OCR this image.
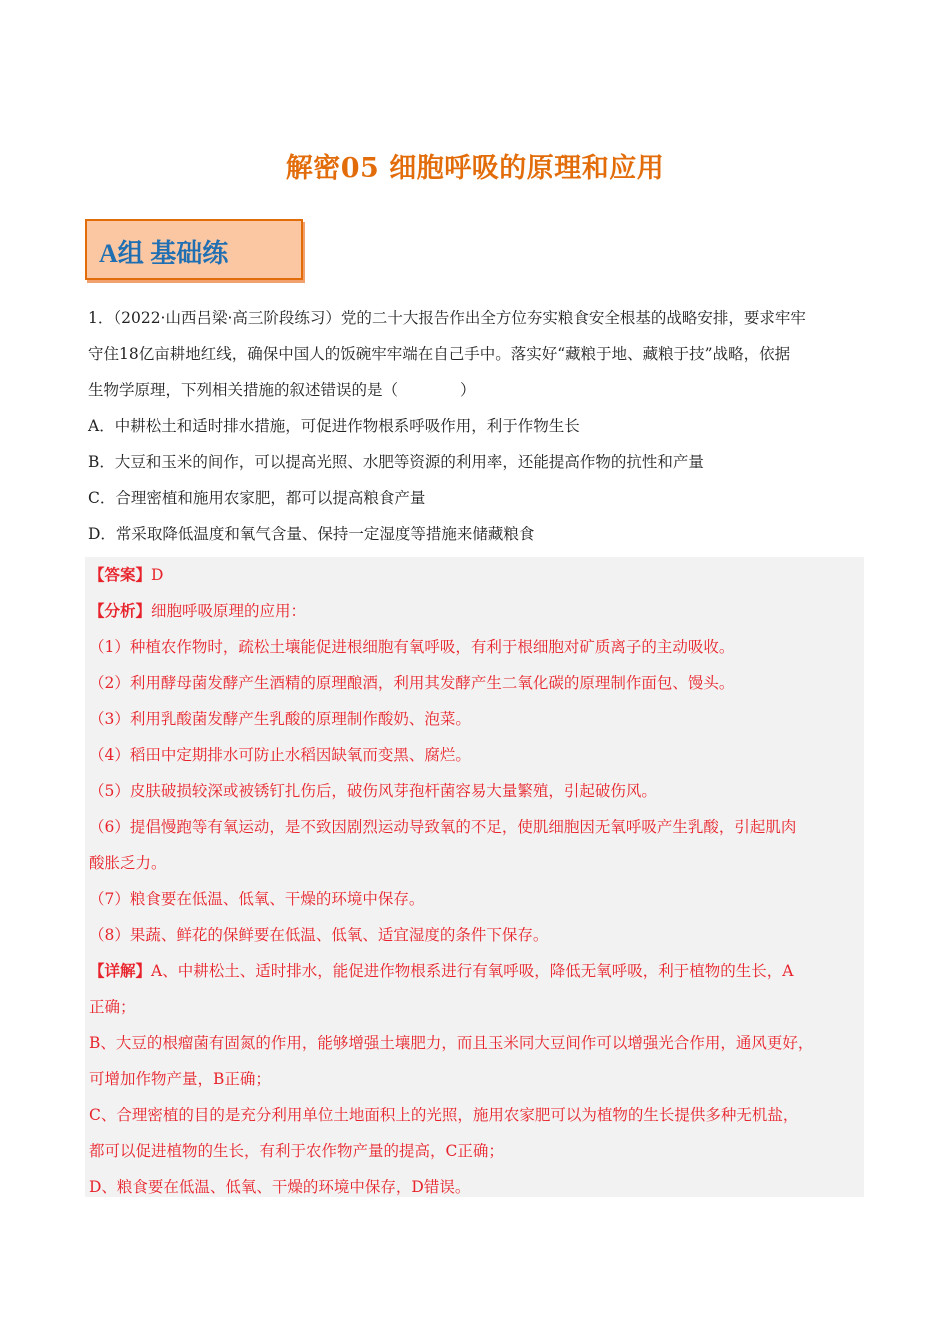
解密05 细胞呼吸的原理和应用
A组 基础练

1．（2022·山西吕梁·高三阶段练习）党的二十大报告作出全方位夯实粮食安全根基的战略安排，要求牢牢

守住18亿亩耕地红线，确保中国人的饭碗牢牢端在自己手中。落实好“藏粮于地、藏粮于技”战略，依据

生物学原理，下列相关措施的叙述错误的是（　　　　）

A．中耕松土和适时排水措施，可促进作物根系呼吸作用，利于作物生长

B．大豆和玉米的间作，可以提高光照、水肥等资源的利用率，还能提高作物的抗性和产量

C．合理密植和施用农家肥，都可以提高粮食产量

D．常采取降低温度和氧气含量、保持一定湿度等措施来储藏粮食

【答案】D

【分析】细胞呼吸原理的应用：

（1）种植农作物时，疏松土壤能促进根细胞有氧呼吸，有利于根细胞对矿质离子的主动吸收。

（2）利用酵母菌发酵产生酒精的原理酿酒，利用其发酵产生二氧化碳的原理制作面包、馒头。

（3）利用乳酸菌发酵产生乳酸的原理制作酸奶、泡菜。

（4）稻田中定期排水可防止水稻因缺氧而变黑、腐烂。

（5）皮肤破损较深或被锈钉扎伤后，破伤风芽孢杆菌容易大量繁殖，引起破伤风。

（6）提倡慢跑等有氧运动，是不致因剧烈运动导致氧的不足，使肌细胞因无氧呼吸产生乳酸，引起肌肉

酸胀乏力。

（7）粮食要在低温、低氧、干燥的环境中保存。

（8）果蔬、鲜花的保鲜要在低温、低氧、适宜湿度的条件下保存。

【详解】A、中耕松土、适时排水，能促进作物根系进行有氧呼吸，降低无氧呼吸，利于植物的生长，A

正确；

B、大豆的根瘤菌有固氮的作用，能够增强土壤肥力，而且玉米同大豆间作可以增强光合作用，通风更好，

可增加作物产量，B正确；

C、合理密植的目的是充分利用单位土地面积上的光照，施用农家肥可以为植物的生长提供多种无机盐，

都可以促进植物的生长，有利于农作物产量的提高，C正确；

D、粮食要在低温、低氧、干燥的环境中保存，D错误。
